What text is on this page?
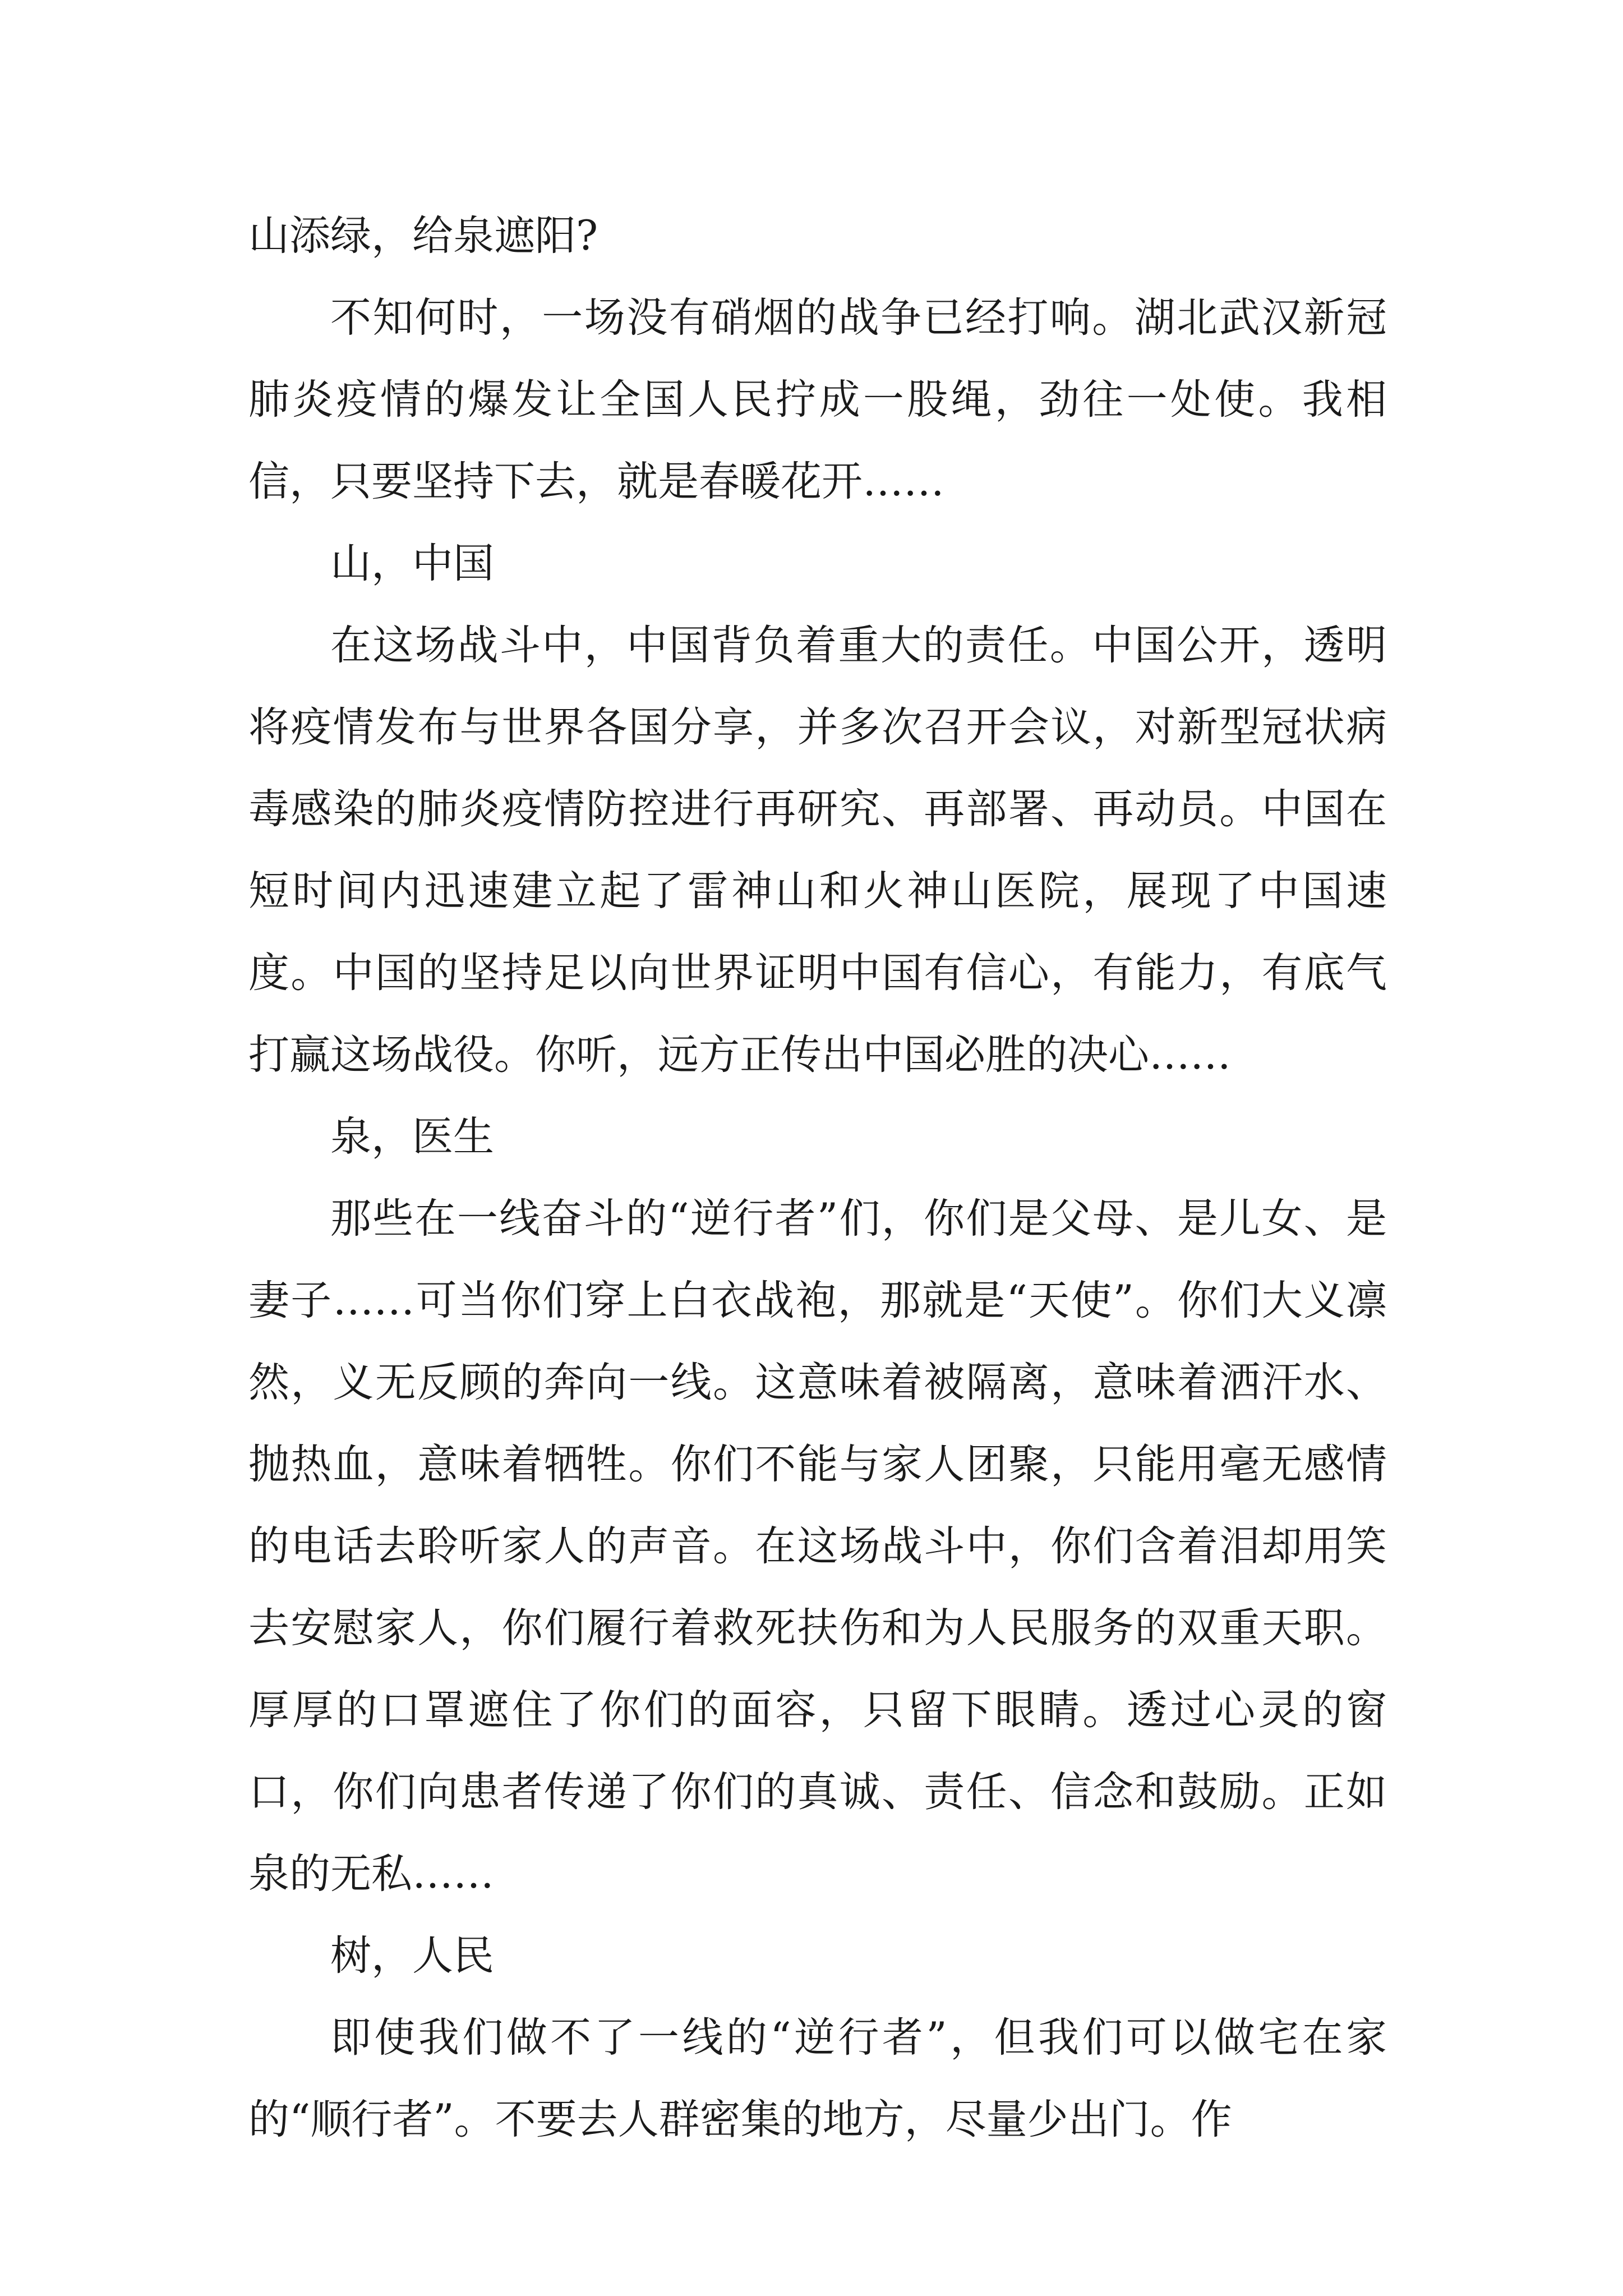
山添绿，给泉遮阳?

不知何时，一场没有硝烟的战争已经打响。湖北武汉新冠肺炎疫情的爆发让全国人民拧成一股绳，劲往一处使。我相信，只要坚持下去，就是春暖花开……

山，中国

在这场战斗中，中国背负着重大的责任。中国公开，透明将疫情发布与世界各国分享，并多次召开会议，对新型冠状病毒感染的肺炎疫情防控进行再研究、再部署、再动员。中国在短时间内迅速建立起了雷神山和火神山医院，展现了中国速度。中国的坚持足以向世界证明中国有信心，有能力，有底气打赢这场战役。你听，远方正传出中国必胜的决心……

泉，医生

那些在一线奋斗的“逆行者”们，你们是父母、是儿女、是妻子……可当你们穿上白衣战袍，那就是“天使”。你们大义凛然，义无反顾的奔向一线。这意味着被隔离，意味着洒汗水、抛热血，意味着牺牲。你们不能与家人团聚，只能用毫无感情的电话去聆听家人的声音。在这场战斗中，你们含着泪却用笑去安慰家人，你们履行着救死扶伤和为人民服务的双重天职。厚厚的口罩遮住了你们的面容，只留下眼睛。透过心灵的窗口，你们向患者传递了你们的真诚、责任、信念和鼓励。正如泉的无私……

树，人民

即使我们做不了一线的“逆行者”，但我们可以做宅在家的“顺行者”。不要去人群密集的地方，尽量少出门。作
